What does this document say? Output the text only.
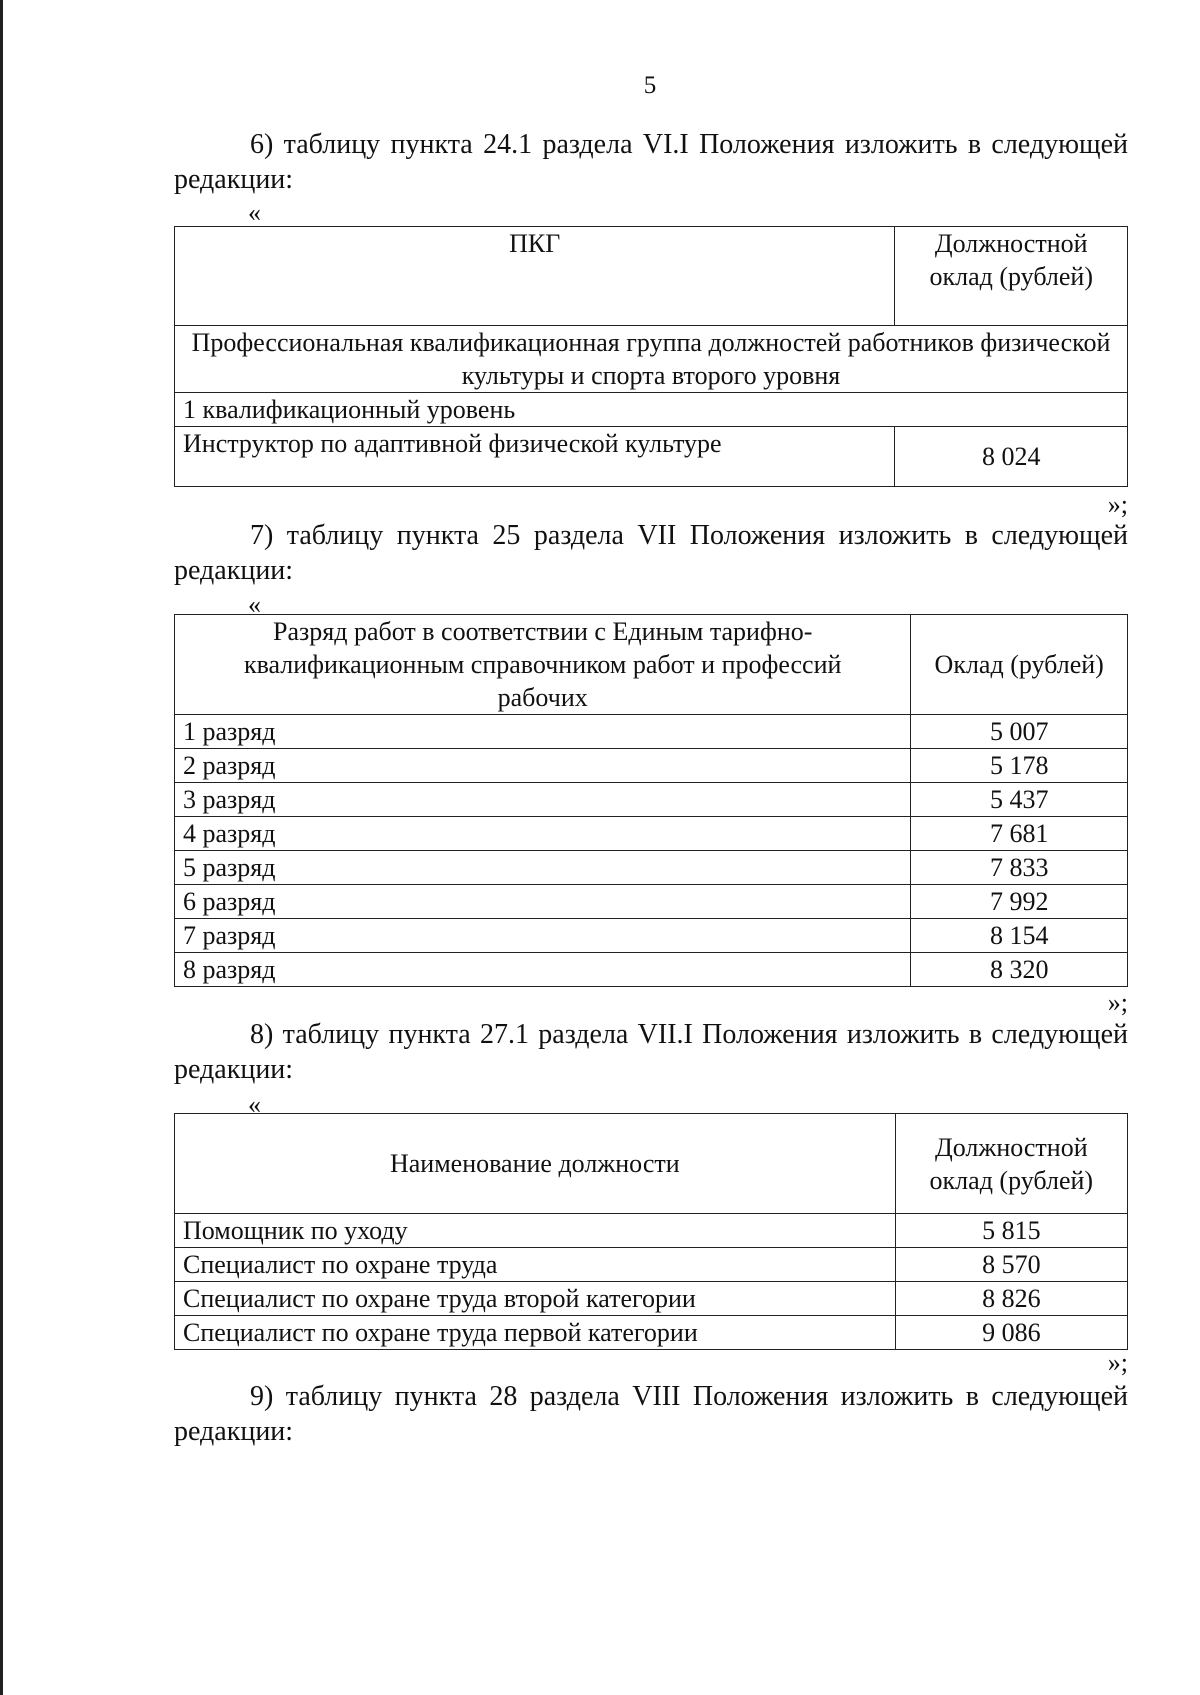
5
6) таблицу пункта 24.1 раздела VI.I Положения изложить в следующей
редакции:
«
ПКГ	Должностной оклад (рублей)
Профессиональная квалификационная группа должностей работников физической культуры и спорта второго уровня	
1 квалификационный уровень	
Инструктор по адаптивной физической культуре	8 024
»;
7) таблицу пункта 25 раздела VII Положения изложить в следующей
редакции:
«
Разряд работ в соответствии с Единым тарифно-квалификационным справочником работ и профессий рабочих	Оклад (рублей)
1 разряд	5 007
2 разряд	5 178
3 разряд	5 437
4 разряд	7 681
5 разряд	7 833
6 разряд	7 992
7 разряд	8 154
8 разряд	8 320
»;
8) таблицу пункта 27.1 раздела VII.I Положения изложить в следующей
редакции:
«
Наименование должности	Должностной оклад (рублей)
Помощник по уходу	5 815
Специалист по охране труда	8 570
Специалист по охране труда второй категории	8 826
Специалист по охране труда первой категории	9 086
»;
9) таблицу пункта 28 раздела VIII Положения изложить в следующей
редакции:
